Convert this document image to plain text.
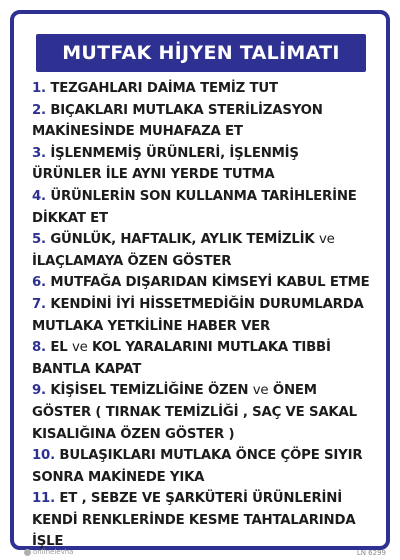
MUTFAK HİJYEN TALİMATI
1. TEZGAHLARI DAİMA TEMİZ TUT
2. BIÇAKLARI MUTLAKA STERİLİZASYON
MAKİNESİNDE MUHAFAZA ET
3. İŞLENMEMİŞ ÜRÜNLERİ, İŞLENMİŞ
ÜRÜNLER İLE AYNI YERDE TUTMA
4. ÜRÜNLERİN SON KULLANMA TARİHLERİNE
DİKKAT ET
5. GÜNLÜK, HAFTALIK, AYLIK TEMİZLİK ve
İLAÇLAMAYA ÖZEN GÖSTER
6. MUTFAĞA DIŞARIDAN KİMSEYİ KABUL ETME
7. KENDİNİ İYİ HİSSETMEDİĞİN DURUMLARDA
MUTLAKA YETKİLİNE HABER VER
8. EL ve KOL YARALARINI MUTLAKA TIBBİ
BANTLA KAPAT
9. KİŞİSEL TEMİZLİĞİNE ÖZEN ve ÖNEM
GÖSTER ( TIRNAK TEMİZLİĞİ , SAÇ VE SAKAL
KISALIĞINA ÖZEN GÖSTER )
10. BULAŞIKLARI MUTLAKA ÖNCE ÇÖPE SIYIR
SONRA MAKİNEDE YIKA
11. ET , SEBZE VE ŞARKÜTERİ ÜRÜNLERİNİ
KENDİ RENKLERİNDE KESME TAHTALARINDA
İŞLE
onlinelevha	LN 6299
